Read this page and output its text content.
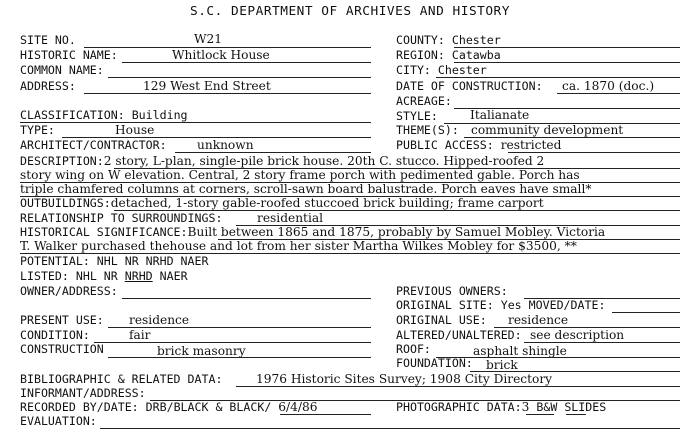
S.C. DEPARTMENT OF ARCHIVES AND HISTORY
SITE NO.	W21
HISTORIC NAME:	Whitlock House
COMMON NAME:
ADDRESS:	129 West End Street
CLASSIFICATION: Building
TYPE:	House
ARCHITECT/CONTRACTOR: unknown
COUNTY: Chester
REGION: Catawba
CITY: Chester
DATE OF CONSTRUCTION: ca. 1870 (doc.)
ACREAGE:
STYLE:	Italianate
THEME(S): community development
PUBLIC ACCESS: restricted
DESCRIPTION:2 story, L-plan, single-pile brick house. 20th C. stucco. Hipped-roofed 2
story wing on W elevation. Central, 2 story frame porch with pedimented gable. Porch has
triple chamfered columns at corners, scroll-sawn board balustrade. Porch eaves have small*
OUTBUILDINGS:detached, 1-story gable-roofed stuccoed brick building; frame carport
RELATIONSHIP TO SURROUNDINGS:	residential
HISTORICAL SIGNIFICANCE:Built between 1865 and 1875, probably by Samuel Mobley. Victoria
T. Walker purchased thehouse and lot from her sister Martha Wilkes Mobley for $3500, **
POTENTIAL: NHL NR NRHD NAER
LISTED: NHL NR NRHD NAER
OWNER/ADDRESS:	PREVIOUS OWNERS:
ORIGINAL SITE: Yes MOVED/DATE:
PRESENT USE: residence	ORIGINAL USE: residence
CONDITION:	fair	ALTERED/UNALTERED: see description
CONSTRUCTION	brick masonry	ROOF:	asphalt shingle
FOUNDATION: brick
BIBLIOGRAPHIC & RELATED DATA:	1976 Historic Sites Survey; 1908 City Directory
INFORMANT/ADDRESS:
RECORDED BY/DATE: DRB/BLACK & BLACK/ 6/4/86	PHOTOGRAPHIC DATA:3 B&W SLIDES
EVALUATION:
